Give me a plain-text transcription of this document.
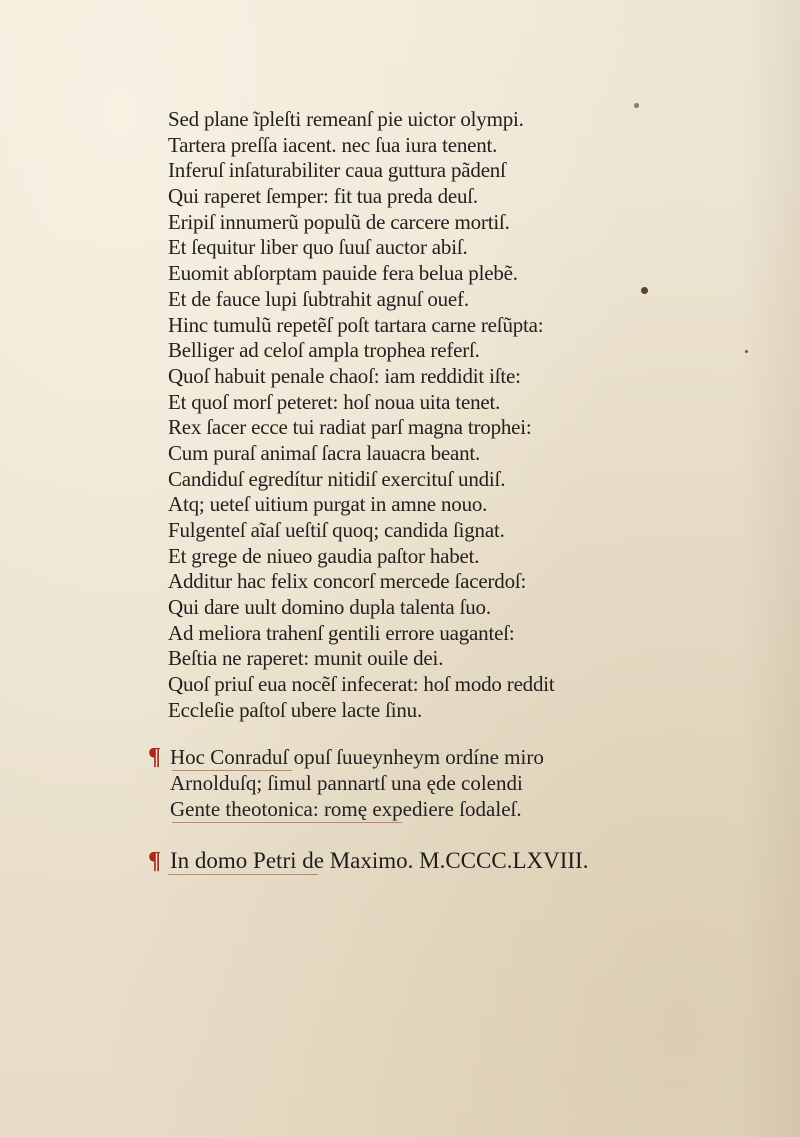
Sed plane ĩpleſti remeanſ pie uictor olympi.
Tartera preſſa iacent. nec ſua iura tenent.
Inferuſ inſaturabiliter caua guttura pãdenſ
Qui raperet ſemper: fit tua preda deuſ.
Eripiſ innumerũ populũ de carcere mortiſ.
Et ſequitur liber quo ſuuſ auctor abiſ.
Euomit abſorptam pauide fera belua plebẽ.
Et de fauce lupi ſubtrahit agnuſ ouef.
Hinc tumulũ repetẽſ poſt tartara carne reſũpta:
Belliger ad celoſ ampla trophea referſ.
Quoſ habuit penale chaoſ: iam reddidit iſte:
Et quoſ morſ peteret: hoſ noua uita tenet.
Rex ſacer ecce tui radiat parſ magna trophei:
Cum puraſ animaſ ſacra lauacra beant.
Candiduſ egredítur nitidiſ exercituſ undiſ.
Atq; ueteſ uitium purgat in amne nouo.
Fulgenteſ aĩaſ ueſtiſ quoq; candida ſignat.
Et grege de niueo gaudia paſtor habet.
Additur hac felix concorſ mercede ſacerdoſ:
Qui dare uult domino dupla talenta ſuo.
Ad meliora trahenſ gentili errore uaganteſ:
Beſtia ne raperet: munit ouile dei.
Quoſ priuſ eua nocẽſ infecerat: hoſ modo reddit
Eccleſie paſtoſ ubere lacte ſinu.
¶ Hoc Conraduſ opuſ ſuueynheym ordíne miro
Arnolduſq; ſimul pannartſ una ęde colendi
Gente theotonica: romę expediere ſodaleſ.
¶ In domo Petri de Maximo. M.CCCC.LXVIII.
